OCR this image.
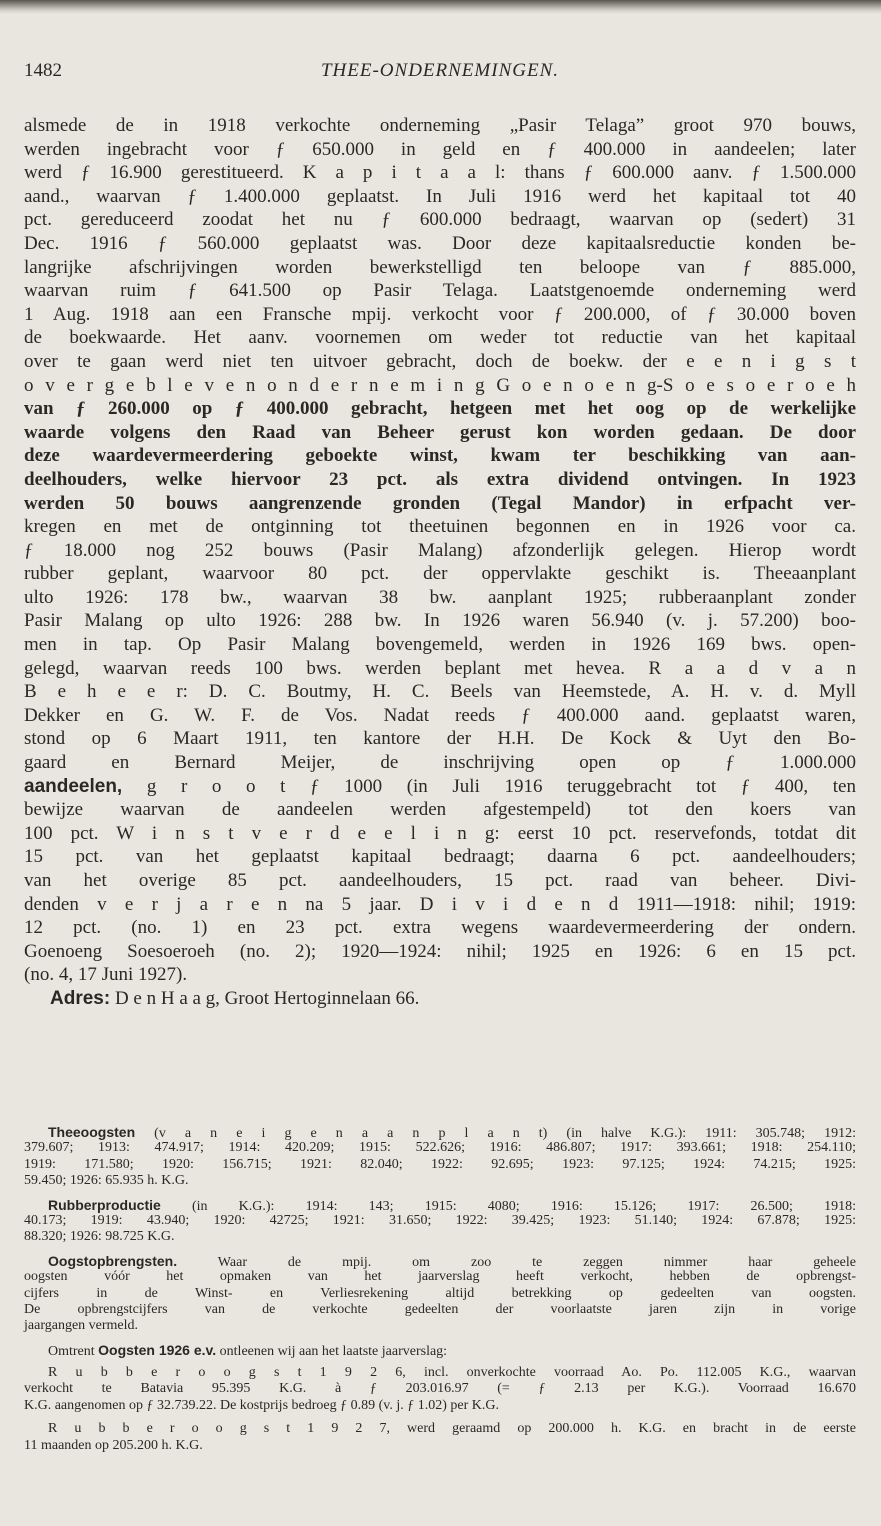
1482	THEE-ONDERNEMINGEN.
alsmede de in 1918 verkochte onderneming „Pasir Telaga” groot 970 bouws,
werden ingebracht voor ƒ 650.000 in geld en ƒ 400.000 in aandeelen; later
werd ƒ 16.900 gerestitueerd. K a p i t a a l: thans ƒ 600.000 aanv. ƒ 1.500.000
aand., waarvan ƒ 1.400.000 geplaatst. In Juli 1916 werd het kapitaal tot 40
pct. gereduceerd zoodat het nu ƒ 600.000 bedraagt, waarvan op (sedert) 31
Dec. 1916 ƒ 560.000 geplaatst was. Door deze kapitaalsreductie konden be-
langrijke afschrijvingen worden bewerkstelligd ten beloope van ƒ 885.000,
waarvan ruim ƒ 641.500 op Pasir Telaga. Laatstgenoemde onderneming werd
1 Aug. 1918 aan een Fransche mpij. verkocht voor ƒ 200.000, of ƒ 30.000 boven
de boekwaarde. Het aanv. voornemen om weder tot reductie van het kapitaal
over te gaan werd niet ten uitvoer gebracht, doch de boekw. der e e n i g s t
o v e r g e b l e v e n o n d e r n e m i n g G o e n o e n g-S o e s o e r o e h
van ƒ 260.000 op ƒ 400.000 gebracht, hetgeen met het oog op de werkelijke
waarde volgens den Raad van Beheer gerust kon worden gedaan. De door
deze waardevermeerdering geboekte winst, kwam ter beschikking van aan-
deelhouders, welke hiervoor 23 pct. als extra dividend ontvingen. In 1923
werden 50 bouws aangrenzende gronden (Tegal Mandor) in erfpacht ver-
kregen en met de ontginning tot theetuinen begonnen en in 1926 voor ca.
ƒ 18.000 nog 252 bouws (Pasir Malang) afzonderlijk gelegen. Hierop wordt
rubber geplant, waarvoor 80 pct. der oppervlakte geschikt is. Theeaanplant
ulto 1926: 178 bw., waarvan 38 bw. aanplant 1925; rubberaanplant zonder
Pasir Malang op ulto 1926: 288 bw. In 1926 waren 56.940 (v. j. 57.200) boo-
men in tap. Op Pasir Malang bovengemeld, werden in 1926 169 bws. open-
gelegd, waarvan reeds 100 bws. werden beplant met hevea. R a a d v a n
B e h e e r: D. C. Boutmy, H. C. Beels van Heemstede, A. H. v. d. Myll
Dekker en G. W. F. de Vos. Nadat reeds ƒ 400.000 aand. geplaatst waren,
stond op 6 Maart 1911, ten kantore der H.H. De Kock & Uyt den Bo-
gaard en Bernard Meijer, de inschrijving open op ƒ 1.000.000
aandeelen, g r o o t ƒ 1000 (in Juli 1916 teruggebracht tot ƒ 400, ten
bewijze waarvan de aandeelen werden afgestempeld) tot den koers van
100 pct. W i n s t v e r d e e l i n g: eerst 10 pct. reservefonds, totdat dit
15 pct. van het geplaatst kapitaal bedraagt; daarna 6 pct. aandeelhouders;
van het overige 85 pct. aandeelhouders, 15 pct. raad van beheer. Divi-
denden v e r j a r e n na 5 jaar. D i v i d e n d 1911—1918: nihil; 1919:
12 pct. (no. 1) en 23 pct. extra wegens waardevermeerdering der ondern.
Goenoeng Soesoeroeh (no. 2); 1920—1924: nihil; 1925 en 1926: 6 en 15 pct.
(no. 4, 17 Juni 1927).
Adres: D e n H a a g, Groot Hertoginnelaan 66.
Theeoogsten (v a n e i g e n a a n p l a n t) (in halve K.G.): 1911: 305.748; 1912:
379.607; 1913: 474.917; 1914: 420.209; 1915: 522.626; 1916: 486.807; 1917: 393.661; 1918: 254.110;
1919: 171.580; 1920: 156.715; 1921: 82.040; 1922: 92.695; 1923: 97.125; 1924: 74.215; 1925:
59.450; 1926: 65.935 h. K.G.
Rubberproductie (in K.G.): 1914: 143; 1915: 4080; 1916: 15.126; 1917: 26.500; 1918:
40.173; 1919: 43.940; 1920: 42725; 1921: 31.650; 1922: 39.425; 1923: 51.140; 1924: 67.878; 1925:
88.320; 1926: 98.725 K.G.
Oogstopbrengsten. Waar de mpij. om zoo te zeggen nimmer haar geheele
oogsten vóór het opmaken van het jaarverslag heeft verkocht, hebben de opbrengst-
cijfers in de Winst- en Verliesrekening altijd betrekking op gedeelten van oogsten.
De opbrengstcijfers van de verkochte gedeelten der voorlaatste jaren zijn in vorige
jaargangen vermeld.
Omtrent Oogsten 1926 e.v. ontleenen wij aan het laatste jaarverslag:
R u b b e r o o g s t 1 9 2 6, incl. onverkochte voorraad Ao. Po. 112.005 K.G., waarvan
verkocht te Batavia 95.395 K.G. à ƒ 203.016.97 (= ƒ 2.13 per K.G.). Voorraad 16.670
K.G. aangenomen op ƒ 32.739.22. De kostprijs bedroeg ƒ 0.89 (v. j. ƒ 1.02) per K.G.
R u b b e r o o g s t 1 9 2 7, werd geraamd op 200.000 h. K.G. en bracht in de eerste
11 maanden op 205.200 h. K.G.
